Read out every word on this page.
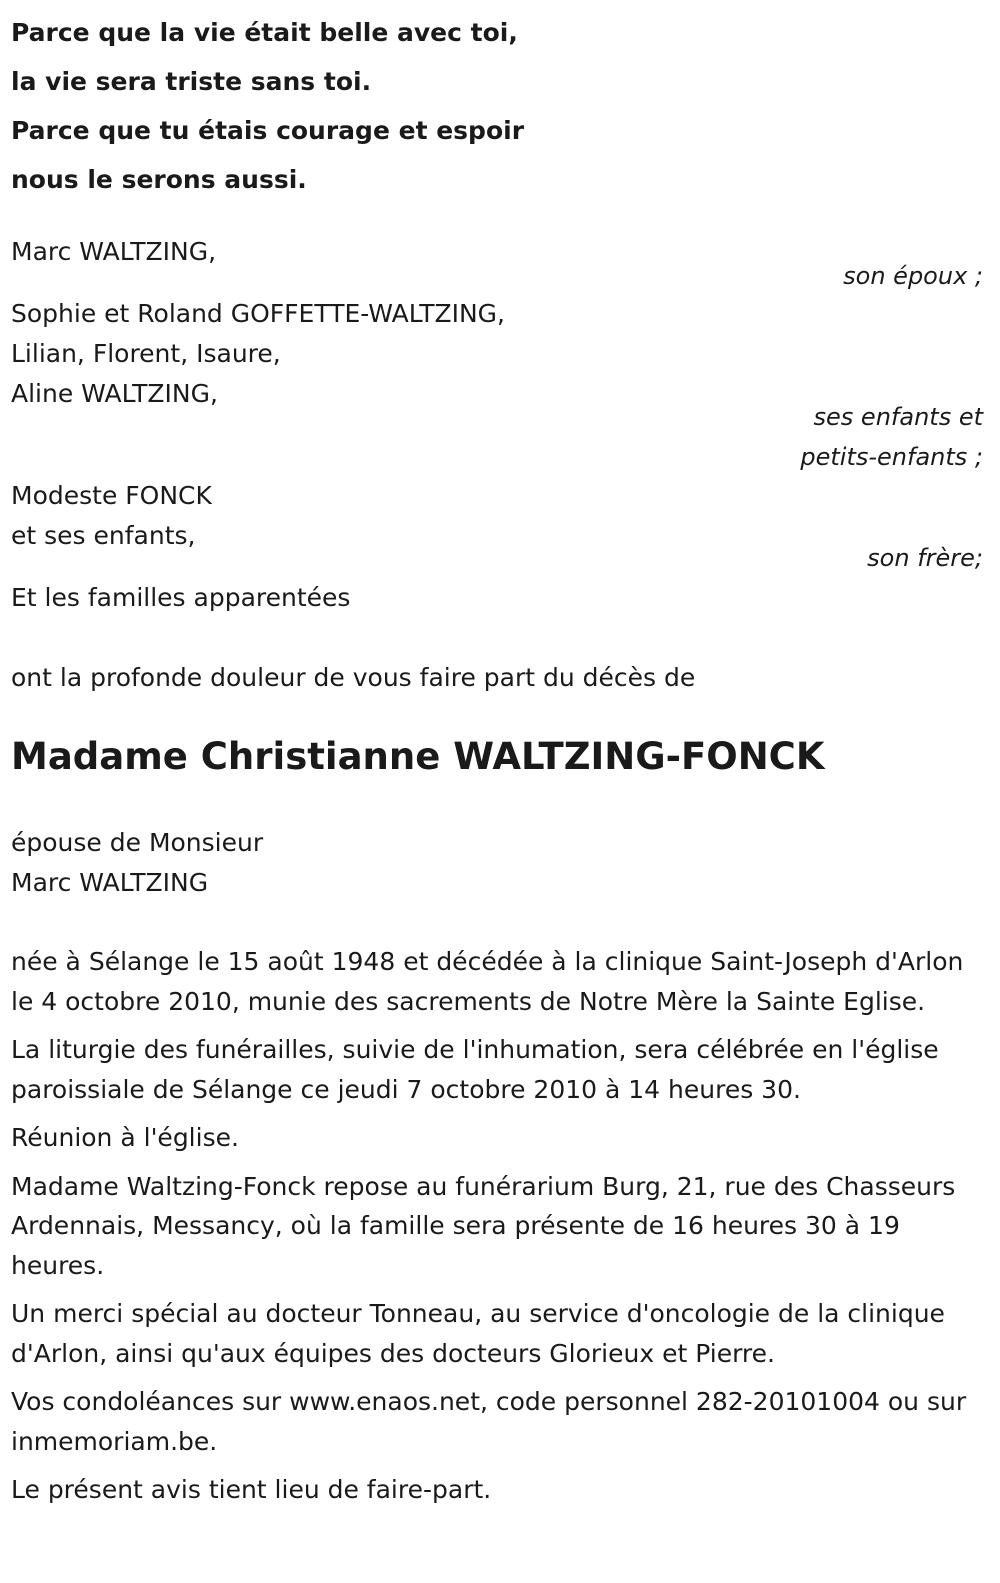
Parce que la vie était belle avec toi,
la vie sera triste sans toi.
Parce que tu étais courage et espoir
nous le serons aussi.
Marc WALTZING,
son époux ;
Sophie et Roland GOFFETTE-WALTZING,
Lilian, Florent, Isaure,
Aline WALTZING,
ses enfants et
petits-enfants ;
Modeste FONCK
et ses enfants,
son frère;
Et les familles apparentées
ont la profonde douleur de vous faire part du décès de
Madame Christianne WALTZING-FONCK
épouse de Monsieur
Marc WALTZING

née à Sélange le 15 août 1948 et décédée à la clinique Saint-Joseph d'Arlon le 4 octobre 2010, munie des sacrements de Notre Mère la Sainte Eglise.

La liturgie des funérailles, suivie de l'inhumation, sera célébrée en l'église paroissiale de Sélange ce jeudi 7 octobre 2010 à 14 heures 30.

Réunion à l'église.

Madame Waltzing-Fonck repose au funérarium Burg, 21, rue des Chasseurs Ardennais, Messancy, où la famille sera présente de 16 heures 30 à 19 heures.

Un merci spécial au docteur Tonneau, au service d'oncologie de la clinique d'Arlon, ainsi qu'aux équipes des docteurs Glorieux et Pierre.

Vos condoléances sur www.enaos.net, code personnel 282-20101004 ou sur inmemoriam.be.

Le présent avis tient lieu de faire-part.
